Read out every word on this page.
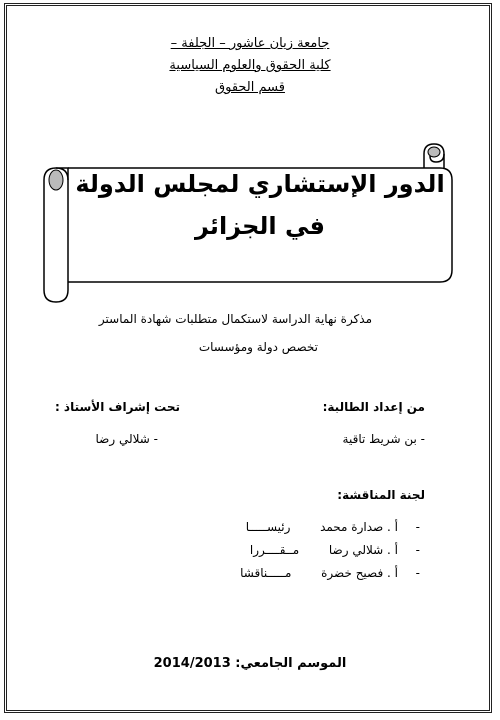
جامعة زيان عاشور – الجلفة –
كلية الحقوق والعلوم السياسية
قسم الحقوق
الدور الإستشاري لمجلس الدولة
في الجزائر
مذكرة نهاية الدراسة لاستكمال متطلبات شهادة الماستر
تخصص دولة ومؤسسات
من إعداد الطالبة:
- بن شريط تاقية
تحت إشراف الأستاذ :
- شلالي رضا
لجنة المناقشة:
-  أ . صدارة محمد  رئيســـــا
-  أ . شلالي رضا  مــقــــررا
-  أ . فصيح خضرة  مـــــناقشا
الموسم الجامعي: 2014/2013
